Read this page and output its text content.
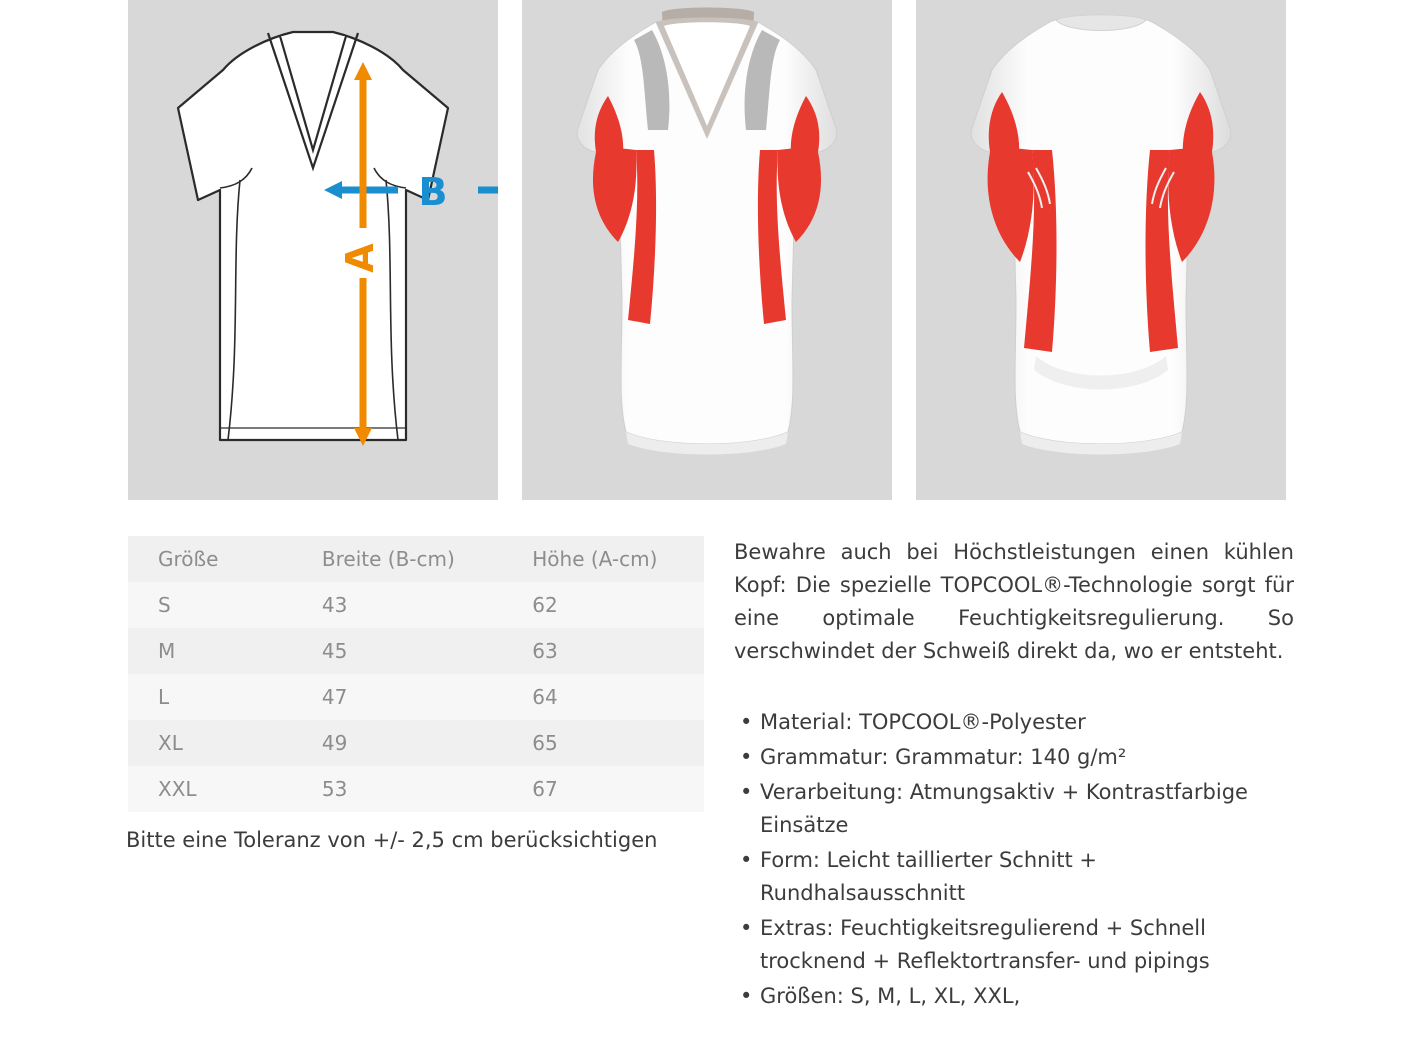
B
A
Größe	Breite (B-cm)	Höhe (A-cm)
S	43	62
M	45	63
L	47	64
XL	49	65
XXL	53	67
Bitte eine Toleranz von +/- 2,5 cm berücksichtigen

Bewahre auch bei Höchstleistungen einen kühlen Kopf: Die spezielle TOPCOOL®-Technologie sorgt für eine optimale Feuchtigkeitsregulierung. So verschwindet der Schweiß direkt da, wo er entsteht.

• Material: TOPCOOL®-Polyester
• Grammatur: Grammatur: 140 g/m²
• Verarbeitung: Atmungsaktiv + Kontrastfarbige Einsätze
• Form: Leicht taillierter Schnitt + Rundhalsausschnitt
• Extras: Feuchtigkeitsregulierend + Schnell trocknend + Reflektortransfer- und pipings
• Größen: S, M, L, XL, XXL,
